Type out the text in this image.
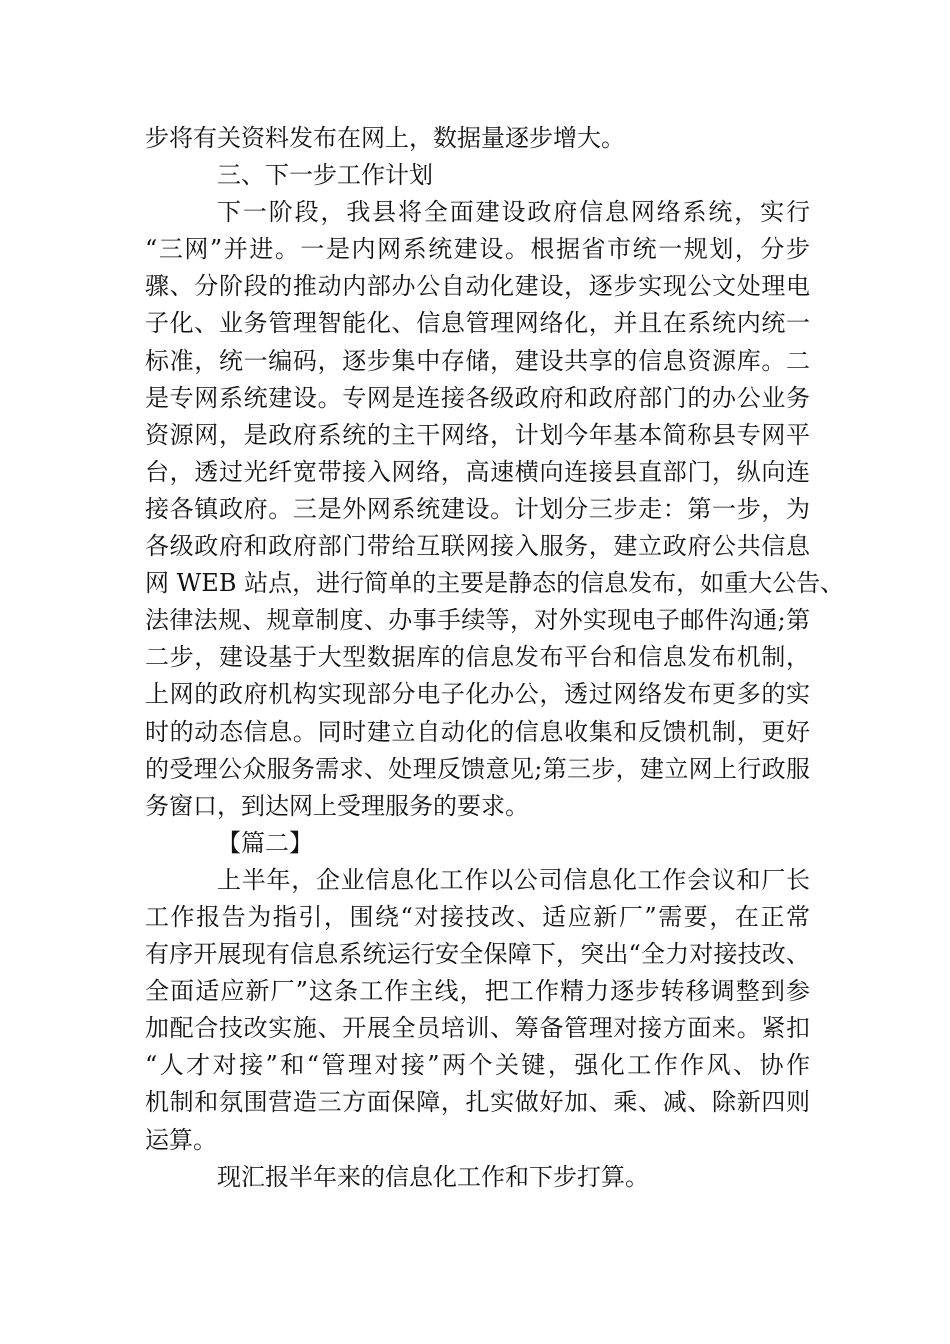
步将有关资料发布在网上，数据量逐步增大。
三、下一步工作计划
下一阶段，我县将全面建设政府信息网络系统，实行
“三网”并进。一是内网系统建设。根据省市统一规划，分步
骤、分阶段的推动内部办公自动化建设，逐步实现公文处理电
子化、业务管理智能化、信息管理网络化，并且在系统内统一
标准，统一编码，逐步集中存储，建设共享的信息资源库。二
是专网系统建设。专网是连接各级政府和政府部门的办公业务
资源网，是政府系统的主干网络，计划今年基本简称县专网平
台，透过光纤宽带接入网络，高速横向连接县直部门，纵向连
接各镇政府。三是外网系统建设。计划分三步走：第一步，为
各级政府和政府部门带给互联网接入服务，建立政府公共信息
网 WEB 站点，进行简单的主要是静态的信息发布，如重大公告、
法律法规、规章制度、办事手续等，对外实现电子邮件沟通;第
二步，建设基于大型数据库的信息发布平台和信息发布机制，
上网的政府机构实现部分电子化办公，透过网络发布更多的实
时的动态信息。同时建立自动化的信息收集和反馈机制，更好
的受理公众服务需求、处理反馈意见;第三步，建立网上行政服
务窗口，到达网上受理服务的要求。
【篇二】
上半年，企业信息化工作以公司信息化工作会议和厂长
工作报告为指引，围绕“对接技改、适应新厂”需要，在正常
有序开展现有信息系统运行安全保障下，突出“全力对接技改、
全面适应新厂”这条工作主线，把工作精力逐步转移调整到参
加配合技改实施、开展全员培训、筹备管理对接方面来。紧扣
“人才对接”和“管理对接”两个关键，强化工作作风、协作
机制和氛围营造三方面保障，扎实做好加、乘、减、除新四则
运算。
现汇报半年来的信息化工作和下步打算。
